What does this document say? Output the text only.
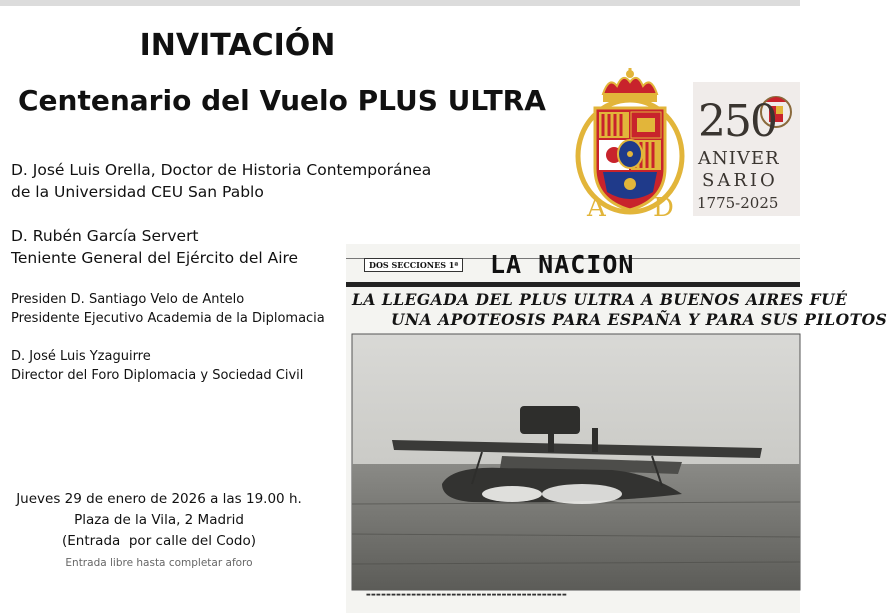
INVITACIÓN
Centenario del Vuelo PLUS ULTRA

D. José Luis Orella, Doctor de Historia Contemporánea
de la Universidad CEU San Pablo

D. Rubén García Servert
Teniente General del Ejército del Aire

Presiden D. Santiago Velo de Antelo
Presidente Ejecutivo Academia de la Diplomacia

D. José Luis Yzaguirre
Director del Foro Diplomacia y Sociedad Civil

Jueves 29 de enero de 2026 a las 19.00 h.
Plaza de la Vila, 2 Madrid
(Entrada  por calle del Codo)
Entrada libre hasta completar aforo
A D
250
ANIVER
SARIO
1775-2025
DOS SECCIONES 1ª LA NACION
LA LLEGADA DEL PLUS ULTRA A BUENOS AIRES FUÉ
UNA APOTEOSIS PARA ESPAÑA Y PARA SUS PILOTOS
▬▬▬▬▬▬▬▬▬▬▬▬▬▬▬▬▬▬▬▬▬▬▬▬▬▬▬▬▬▬▬▬▬▬▬▬▬▬▬▬
